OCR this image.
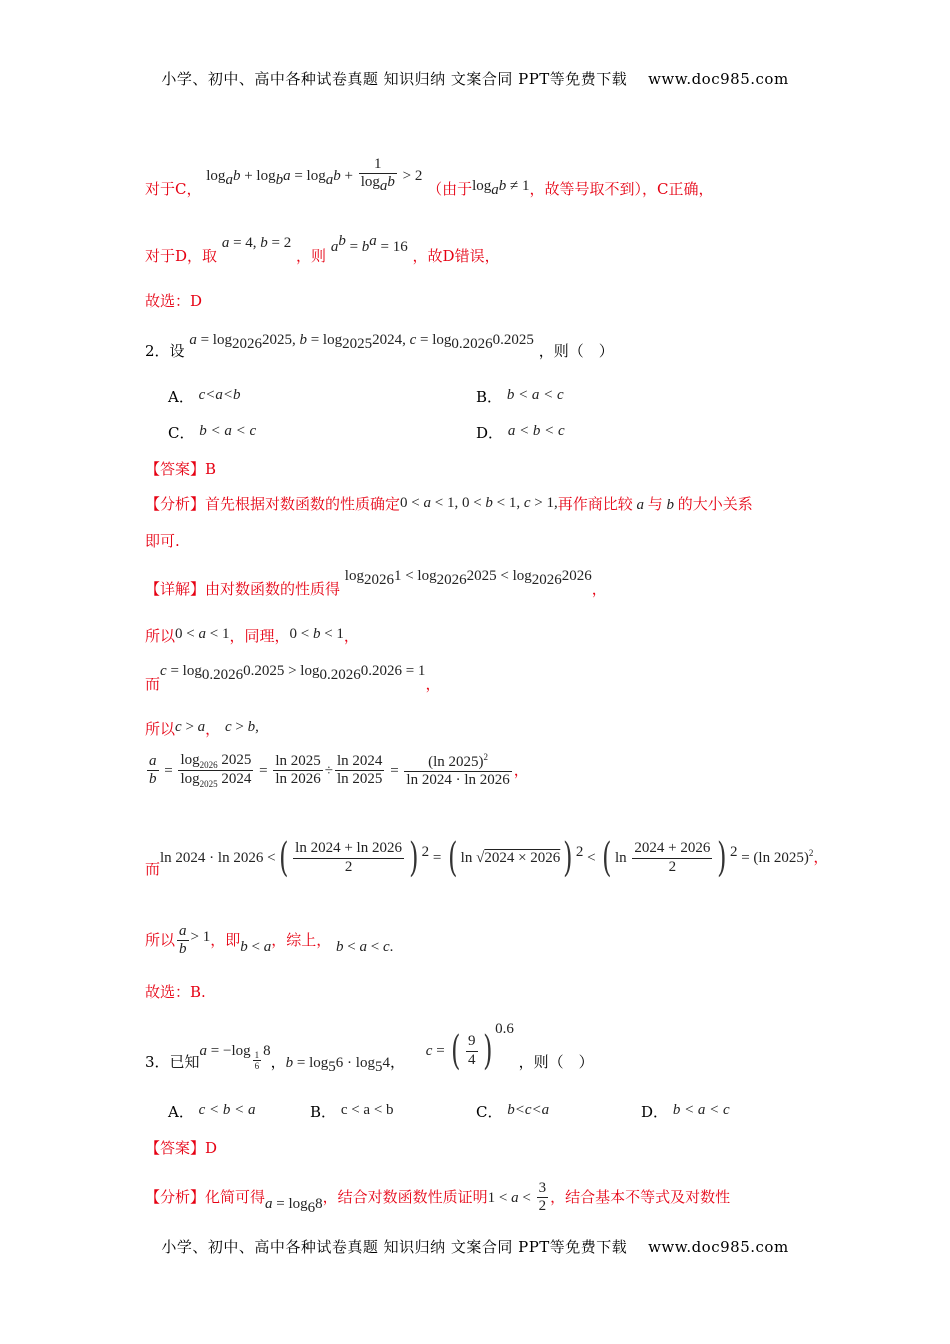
小学、初中、高中各种试卷真题 知识归纳 文案合同 PPT等免费下载　 www.doc985.com
对于C， $\log_ab + \log_ba = \log_ab + \frac{1}{\log_ab} > 2$ （由于$\log_ab \ne 1$，故等号取不到），C正确，
对于D，取 a = 4, b = 2 ，则 $a^b = b^a = 16$ ，故D错误，
故选：D
2．设 $a = \log_{2026}2025$, $b = \log_{2025}2024$, $c = \log_{0.2026}0.2025$ ，则（　）
A． c<a<b	B． b < a < c
C． b < a < c	D． a < b < c
【答案】B
【分析】首先根据对数函数的性质确定0 < a < 1, 0 < b < 1, c > 1,再作商比较 a 与 b 的大小关系
即可.
【详解】由对数函数的性质得 $\log_{2026}1 < \log_{2026}2025 < \log_{2026}2026$，
所以0 < a < 1，同理，0 < b < 1，
而$c = \log_{0.2026}0.2025 > \log_{0.2026}0.2026 = 1$，
所以c > a， c > b,
$\frac{a}{b} = \frac{\log_{2026} 2025}{\log_{2025} 2024} = \frac{\ln 2025}{\ln 2026} \div \frac{\ln 2024}{\ln 2025} = \frac{(\ln 2025)^2}{\ln 2024 \cdot \ln 2026}$ ，
而ln 2024 · ln 2026 <( $\frac{\ln 2024 + \ln 2026}{2}$ ) $^2$ = ( ln √2024 × 2026) $^2$ < ( $\ln \frac{2024 + 2026}{2}$ ) $^2$ = (ln 2025)$^2$，
所以 $\frac{a}{b} > 1$，即b < a，综上， b < a < c.
故选：B.
3．已知$a = -\log \frac{1}{6} 8$，$b = \log_56 \cdot \log_54$， c = ( $\frac{9}{4}$ ) $^{0.6}$ ，则（　）
A． c < b < a	B． c < a < b	C． b<c<a	D． b < a < c
【答案】D
【分析】化简可得$a = \log_68$，结合对数函数性质证明$1 < a < \frac{3}{2}$ ，结合基本不等式及对数性
小学、初中、高中各种试卷真题 知识归纳 文案合同 PPT等免费下载　 www.doc985.com
